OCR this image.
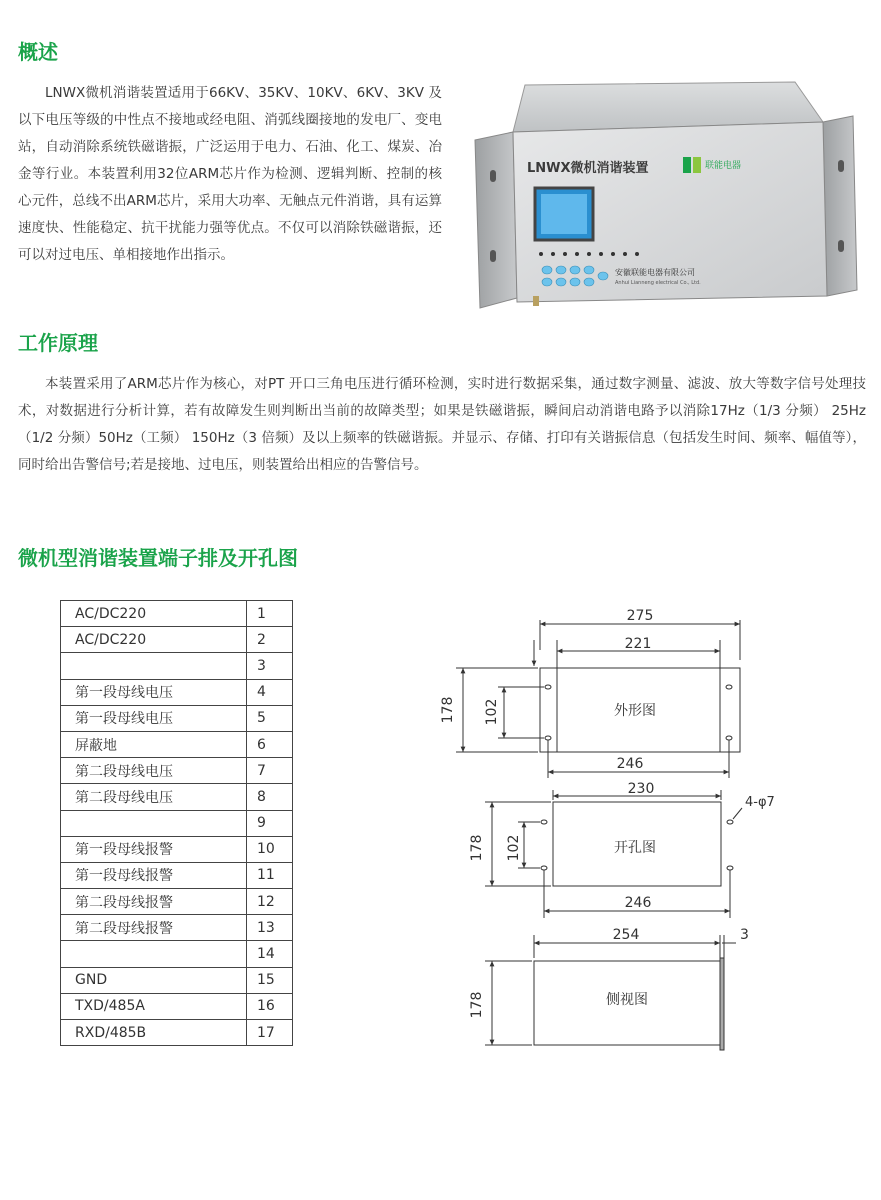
概述

LNWX微机消谐装置适用于66KV、35KV、10KV、6KV、3KV 及以下电压等级的中性点不接地或经电阻、消弧线圈接地的发电厂、变电站，自动消除系统铁磁谐振，广泛运用于电力、石油、化工、煤炭、冶金等行业。本装置利用32位ARM芯片作为检测、逻辑判断、控制的核心元件，总线不出ARM芯片，采用大功率、无触点元件消谐，具有运算速度快、性能稳定、抗干扰能力强等优点。不仅可以消除铁磁谐振，还可以对过电压、单相接地作出指示。

LNWX微机消谐装置	联能电器
安徽联能电器有限公司
Anhui Lianneng electrical Co., Ltd.
工作原理

本装置采用了ARM芯片作为核心，对PT 开口三角电压进行循环检测，实时进行数据采集，通过数字测量、滤波、放大等数字信号处理技术，对数据进行分析计算，若有故障发生则判断出当前的故障类型；如果是铁磁谐振，瞬间启动消谐电路予以消除17Hz（1/3 分频） 25Hz（1/2 分频）50Hz（工频） 150Hz（3 倍频）及以上频率的铁磁谐振。并显示、存储、打印有关谐振信息（包括发生时间、频率、幅值等），同时给出告警信号;若是接地、过电压，则装置给出相应的告警信号。

微机型消谐装置端子排及开孔图
AC/DC220	1
AC/DC220	2
	3
第一段母线电压	4
第一段母线电压	5
屏蔽地	6
第二段母线电压	7
第二段母线电压	8
	9
第一段母线报警	10
第一段母线报警	11
第二段母线报警	12
第二段母线报警	13
	14
GND	15
TXD/485A	16
RXD/485B	17
275
221
外形图
178 102
246
230
开孔图
4-φ7
178 102
246
254	3
侧视图
178
